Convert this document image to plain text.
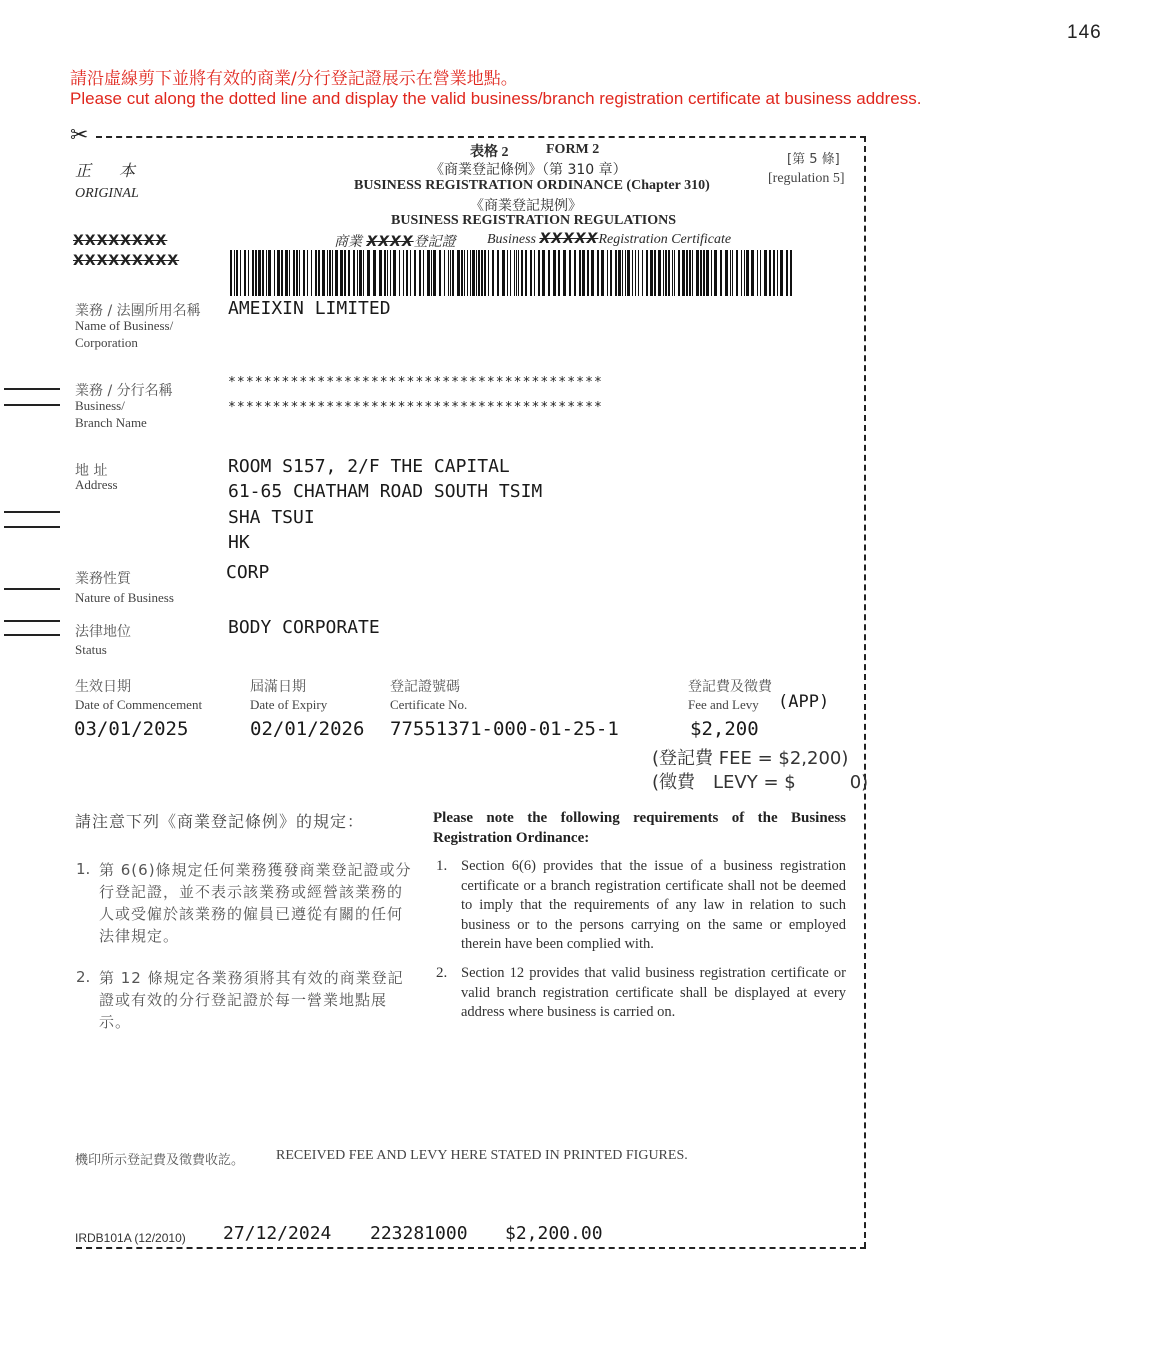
146
請沿虛線剪下並將有效的商業/分行登記證展示在營業地點。
Please cut along the dotted line and display the valid business/branch registration certificate at business address.
✂
正　本
ORIGINAL
表格 2	FORM 2
《商業登記條例》（第 310 章）
BUSINESS REGISTRATION ORDINANCE (Chapter 310)
《商業登記規例》
BUSINESS REGISTRATION REGULATIONS
[第 5 條]
[regulation 5]
商業 XXXX登記證 Business XXXXXRegistration Certificate
XXXXXXXX
XXXXXXXXX
業務 / 法團所用名稱
Name of Business/
Corporation
AMEIXIN LIMITED
業務 / 分行名稱
Business/
Branch Name
******************************************
******************************************
地 址
Address
ROOM S157, 2/F THE CAPITAL
61-65 CHATHAM ROAD SOUTH TSIM
SHA TSUI
HK
業務性質
Nature of Business
CORP
法律地位
Status
BODY CORPORATE
生效日期
Date of Commencement
03/01/2025
屆滿日期
Date of Expiry
02/01/2026
登記證號碼
Certificate No.
77551371-000-01-25-1
登記費及徵費
Fee and Levy (APP)
$2,200
(登記費 FEE = $2,200)
(徵費　LEVY = $　　　0)
請注意下列《商業登記條例》的規定：	Please note the following requirements of the Business Registration Ordinance:
1. 第 6(6)條規定任何業務獲發商業登記證或分行登記證，並不表示該業務或經營該業務的人或受僱於該業務的僱員已遵從有關的任何法律規定。
1. Section 6(6) provides that the issue of a business registration certificate or a branch registration certificate shall not be deemed to imply that the requirements of any law in relation to such business or to the persons carrying on the same or employed therein have been complied with.
2. 第 12 條規定各業務須將其有效的商業登記證或有效的分行登記證於每一營業地點展示。
2. Section 12 provides that valid business registration certificate or valid branch registration certificate shall be displayed at every address where business is carried on.
機印所示登記費及徵費收訖。 RECEIVED FEE AND LEVY HERE STATED IN PRINTED FIGURES.
IRDB101A (12/2010) 27/12/2024 223281000 $2,200.00
